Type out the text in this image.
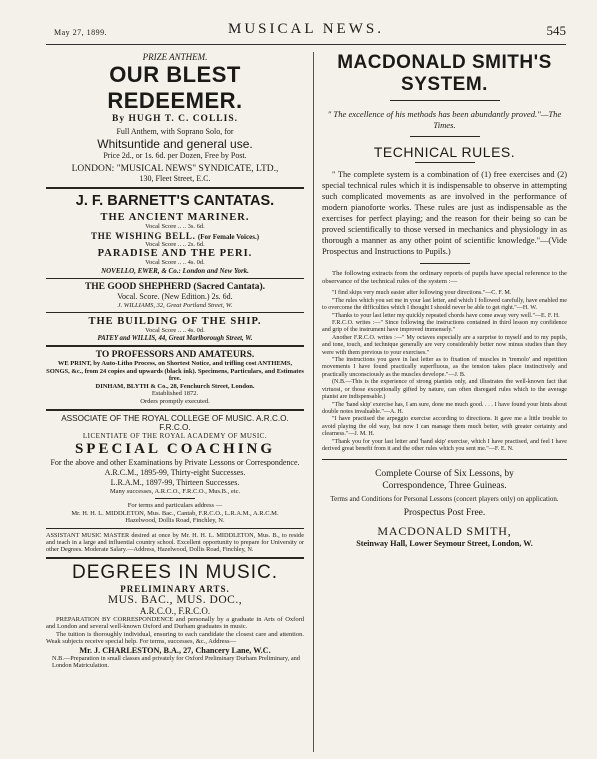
May 27, 1899.	MUSICAL NEWS.	545
PRIZE ANTHEM.
OUR BLEST REDEEMER.
By HUGH T. C. COLLIS.
Full Anthem, with Soprano Solo, for
Whitsuntide and general use.
Price 2d., or 1s. 6d. per Dozen, Free by Post.
LONDON: "MUSICAL NEWS" SYNDICATE, LTD.,
130, Fleet Street, E.C.
J. F. BARNETT'S CANTATAS.
THE ANCIENT MARINER.
Vocal Score .. .. 3s. 6d.
THE WISHING BELL. (For Female Voices.)
Vocal Score .. .. 2s. 6d.
PARADISE AND THE PERI.
Vocal Score .. .. 4s. 0d.
NOVELLO, EWER, & Co.: London and New York.
THE GOOD SHEPHERD (Sacred Cantata).
Vocal. Score. (New Edition.) 2s. 6d.
J. WILLIAMS, 32, Great Portland Street, W.
THE BUILDING OF THE SHIP.
Vocal Score .. .. 4s. 0d.
PATEY and WILLIS, 44, Great Marlborough Street, W.
TO PROFESSORS AND AMATEURS.
WE PRINT, by Auto-Litho Process, on Shortest Notice, and trifling cost ANTHEMS, SONGS, &c., from 24 copies and upwards (black ink). Specimens, Particulars, and Estimates free.
DINHAM, BLYTH & Co., 28, Fenchurch Street, London.
Established 1872.
Orders promptly executed.
ASSOCIATE OF THE ROYAL COLLEGE OF MUSIC. A.R.C.O. F.R.C.O.
LICENTIATE OF THE ROYAL ACADEMY OF MUSIC.
SPECIAL COACHING
For the above and other Examinations by Private Lessons or Correspondence.
A.R.C.M., 1895-99, Thirty-eight Successes.
L.R.A.M., 1897-99, Thirteen Successes.
Many successes, A.R.C.O., F.R.C.O., Mus.B., etc.
For terms and particulars address —
Mr. H. H. L. MIDDLETON, Mus. Bac., Cantab, F.R.C.O., L.R.A.M., A.R.C.M.
Hazelwood, Dollis Road, Finchley, N.
ASSISTANT MUSIC MASTER desired at once by Mr. H. H. L. MIDDLETON, Mus. B., to reside and teach in a large and influential country school. Excellent opportunity to prepare for University or other Degrees. Moderate Salary.—Address, Hazelwood, Dollis Road, Finchley, N.
DEGREES IN MUSIC.
PRELIMINARY ARTS.
MUS. BAC., MUS. DOC.,
A.R.C.O., F.R.C.O.
PREPARATION BY CORRESPONDENCE and personally by a graduate in Arts of Oxford and London and several well-known Oxford and Durham graduates in music.
The tuition is thoroughly individual, ensuring to each candidate the closest care and attention. Weak subjects receive special help. For terms, successes, &c., Address—
Mr. J. CHARLESTON, B.A., 27, Chancery Lane, W.C.
N.B.—Preparation in small classes and privately for Oxford Preliminary Durham Preliminary, and London Matriculation.
MACDONALD SMITH'S
SYSTEM.
" The excellence of his methods has been abundantly proved."—The Times.
TECHNICAL RULES.
" The complete system is a combination of (1) free exercises and (2) special technical rules which it is indispensable to observe in attempting such complicated movements as are involved in the performance of modern pianoforte works. These rules are just as indispensable as the exercises for perfect playing; and the reason for their being so can be proved scientifically to those versed in mechanics and physiology in as thorough a manner as any other point of scientific knowledge."—(Vide Prospectus and Instructions to Pupils.)
The following extracts from the ordinary reports of pupils have special reference to the observance of the technical rules of the system :—

"I find skips very much easier after following your directions."—C. F. M.

"The rules which you set me in your last letter, and which I followed carefully, have enabled me to overcome the difficulties which I thought I should never be able to get right."—H. W.

"Thanks to your last letter my quickly repeated chords have come away very well."—E. F. H.

F.R.C.O. writes :—" Since following the instructions contained in third lesson my confidence and grip of the instrument have improved immensely."

Another F.R.C.O. writes :—" My octaves especially are a surprise to myself and to my pupils, and tone, touch, and technique generally are very considerably better now minus studies than they were with them previous to your exercises."

"The instructions you gave in last letter as to fixation of muscles in 'tremolo' and repetition movements I have found practically superfluous, as the tension takes place instinctively and practically unconsciously as the muscles develope."—J. B.

(N.B.—This is the experience of strong pianists only, and illustrates the well-known fact that virtuosi, or those exceptionally gifted by nature, can often disregard rules which to the average pianist are indispensable.)

"The 'hand skip' exercise has, I am sure, done me much good. . . . I have found your hints about double notes invaluable."—A. H.

"I have practised the arpeggio exercise according to directions. It gave me a little trouble to avoid playing the old way, but now I can manage them much better, with greater certainty and clearness."—J. M. H.

"Thank you for your last letter and 'hand skip' exercise, which I have practised, and feel I have derived great benefit from it and the other rules which you sent me."—F. E. N.

Complete Course of Six Lessons, by
Correspondence, Three Guineas.
Terms and Conditions for Personal Lessons (concert players only) on application.
Prospectus Post Free.
MACDONALD SMITH,
Steinway Hall, Lower Seymour Street, London, W.
